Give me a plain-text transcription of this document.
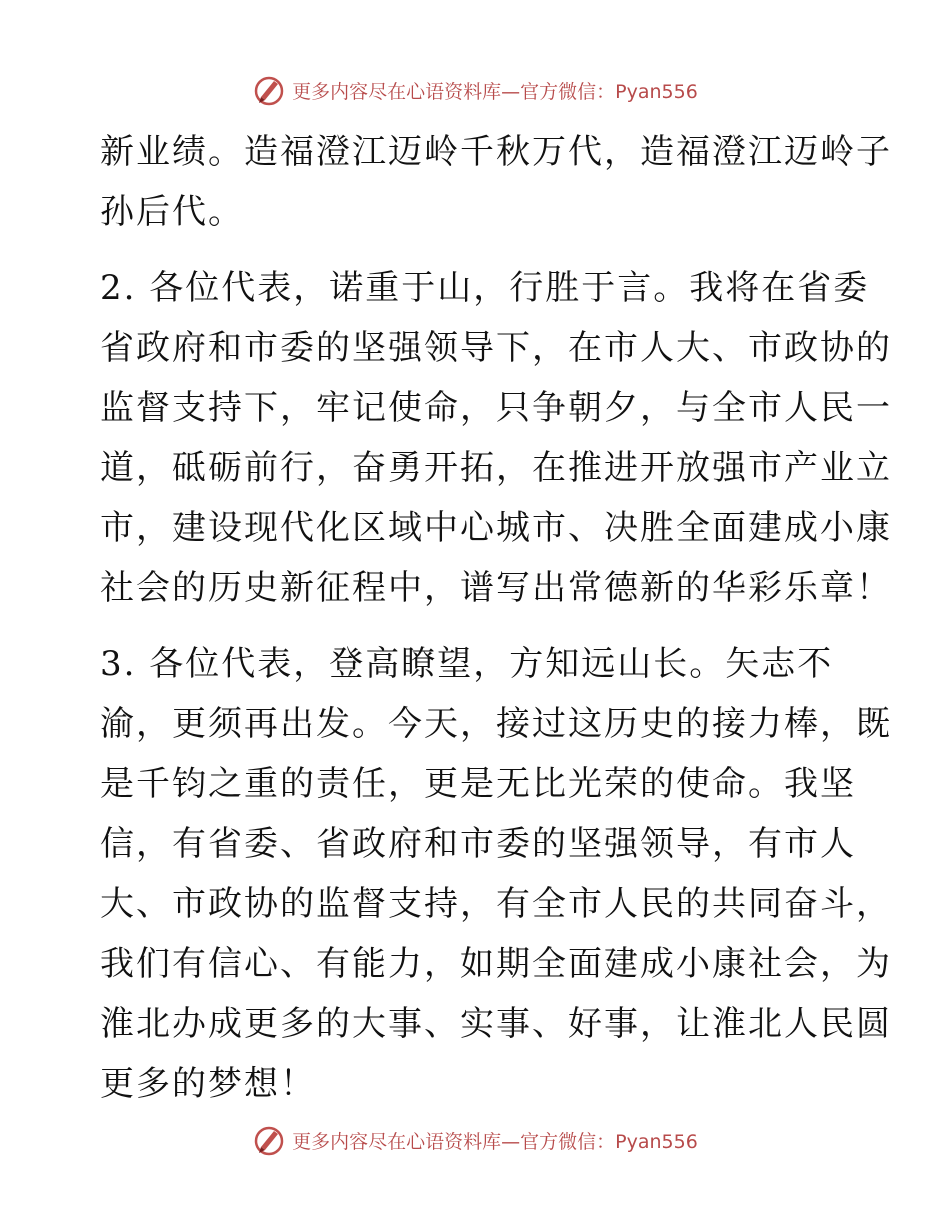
更多内容尽在心语资料库—官方微信：Pyan556
新业绩。造福澄江迈岭千秋万代，造福澄江迈岭子
孙后代。
2. 各位代表，诺重于山，行胜于言。我将在省委
省政府和市委的坚强领导下，在市人大、市政协的
监督支持下，牢记使命，只争朝夕，与全市人民一
道，砥砺前行，奋勇开拓，在推进开放强市产业立
市，建设现代化区域中心城市、决胜全面建成小康
社会的历史新征程中，谱写出常德新的华彩乐章！
3. 各位代表，登高瞭望，方知远山长。矢志不
渝，更须再出发。今天，接过这历史的接力棒，既
是千钧之重的责任，更是无比光荣的使命。我坚
信，有省委、省政府和市委的坚强领导，有市人
大、市政协的监督支持，有全市人民的共同奋斗，
我们有信心、有能力，如期全面建成小康社会，为
淮北办成更多的大事、实事、好事，让淮北人民圆
更多的梦想！
更多内容尽在心语资料库—官方微信：Pyan556
